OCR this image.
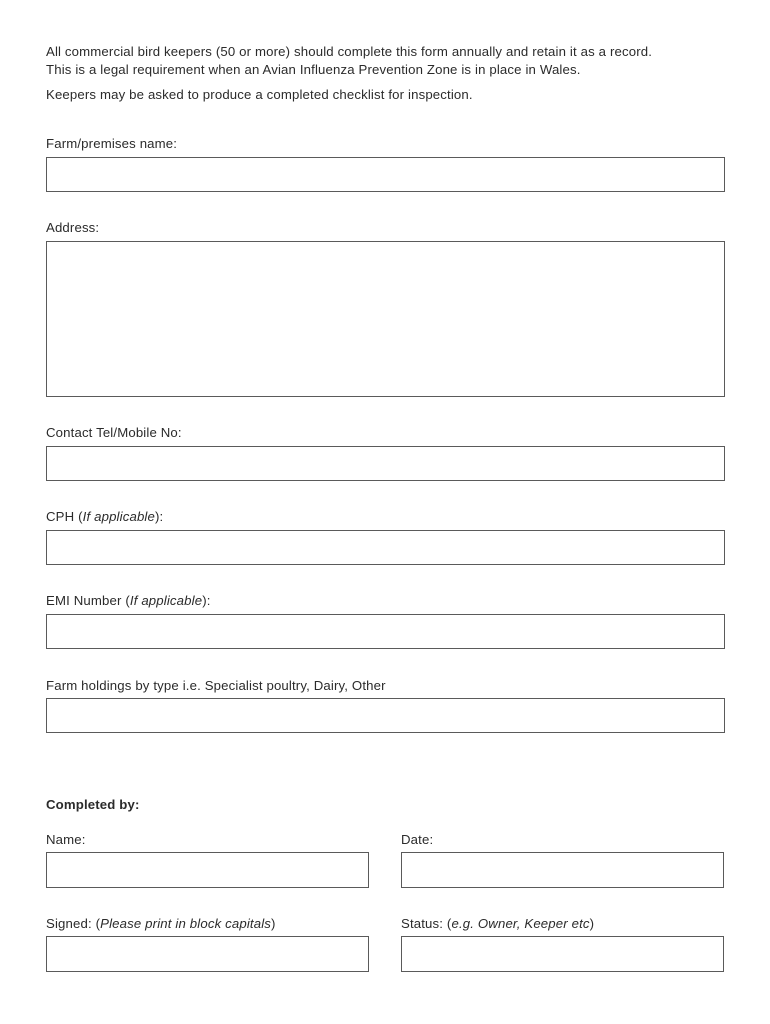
All commercial bird keepers (50 or more) should complete this form annually and retain it as a record.
This is a legal requirement when an Avian Influenza Prevention Zone is in place in Wales.
Keepers may be asked to produce a completed checklist for inspection.
Farm/premises name:
Address:
Contact Tel/Mobile No:
CPH (If applicable):
EMI Number (If applicable):
Farm holdings by type i.e. Specialist poultry, Dairy, Other
Completed by:
Name:	Date:
Signed: (Please print in block capitals)	Status: (e.g. Owner, Keeper etc)
